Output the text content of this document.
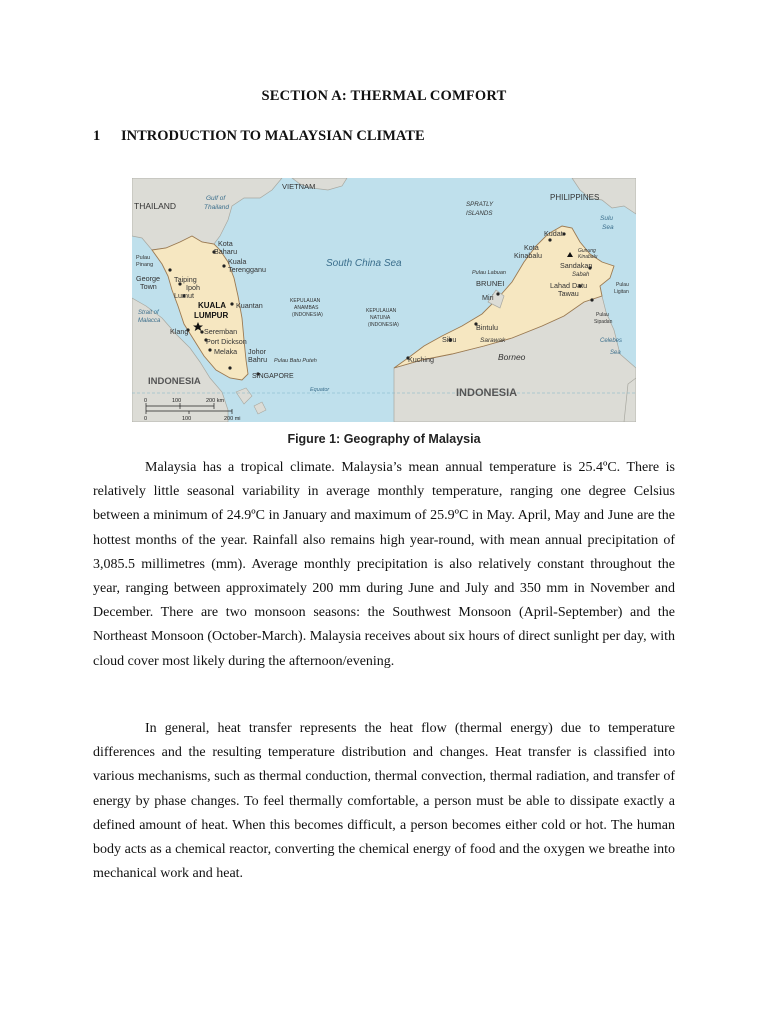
SECTION A: THERMAL COMFORT
1 INTRODUCTION TO MALAYSIAN CLIMATE
VIETNAM
PHILIPPINES
THAILAND
Gulf of
Thailand	SPRATLY
ISLANDS
South China Sea
Sulu
Sea
Kota
Baharu
Kuala
Terengganu
Pulau
Pinang
George
Town
Taiping
Ipoh
Lumut
KUALA
LUMPUR
Kuantan
Strait of
Malacca
Klang Seremban
Port Dickson
Melaka Johor
Bahru
SINGAPORE
Pulau Batu Puteh
KEPULAUAN
ANAMBAS
(INDONESIA)
KEPULAUAN
NATUNA
(INDONESIA)
INDONESIA
INDONESIA
Equator
Kudat
Kota
Kinabalu	Gunung
Kinabalu
Sandakan
Sabah
Lahad Datu
Tawau
Pulau Labuan
BRUNEI
Miri
Bintulu
Sibu	Sarawak
Kuching	Borneo
Pulau
Ligitan
Pulau
Sipadan
Celebes
Sea
0	100	200 km
0	100	200 mi
Figure 1: Geography of Malaysia

Malaysia has a tropical climate. Malaysia’s mean annual temperature is 25.4ºC. There is relatively little seasonal variability in average monthly temperature, ranging one degree Celsius between a minimum of 24.9ºC in January and maximum of 25.9ºC in May. April, May and June are the hottest months of the year. Rainfall also remains high year-round, with mean annual precipitation of 3,085.5 millimetres (mm). Average monthly precipitation is also relatively constant throughout the year, ranging between approximately 200 mm during June and July and 350 mm in November and December. There are two monsoon seasons: the Southwest Monsoon (April-September) and the Northeast Monsoon (October-March). Malaysia receives about six hours of direct sunlight per day, with cloud cover most likely during the afternoon/evening.

In general, heat transfer represents the heat flow (thermal energy) due to temperature differences and the resulting temperature distribution and changes. Heat transfer is classified into various mechanisms, such as thermal conduction, thermal convection, thermal radiation, and transfer of energy by phase changes. To feel thermally comfortable, a person must be able to dissipate exactly a defined amount of heat. When this becomes difficult, a person becomes either cold or hot. The human body acts as a chemical reactor, converting the chemical energy of food and the oxygen we breathe into mechanical work and heat.
